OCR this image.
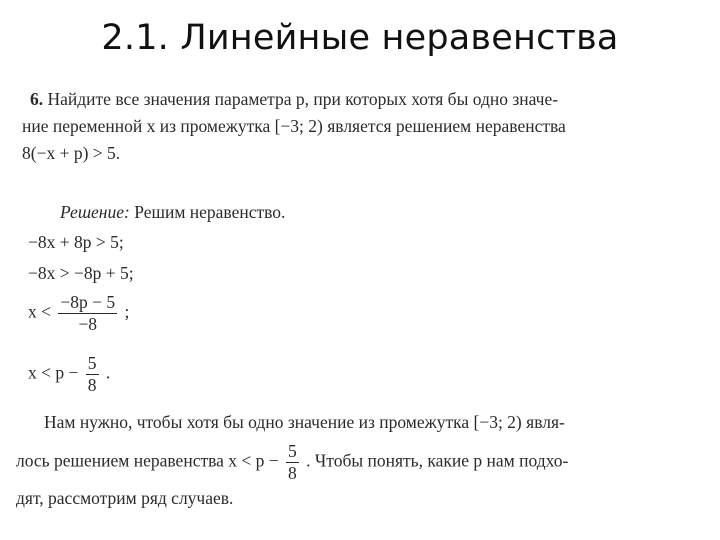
2.1. Линейные неравенства
6. Найдите все значения параметра p, при которых хотя бы одно значе-
ние переменной x из промежутка [−3; 2) является решением неравенства
8(−x + p) > 5.
Решение: Решим неравенство.
−8x + 8p > 5;
−8x > −8p + 5;
$x < \frac{-8p - 5}{-8}$ ;
$x < p - \frac{5}{8}$ .
Нам нужно, чтобы хотя бы одно значение из промежутка [−3; 2) явля-
лось решением неравенства $x < p - \frac{5}{8}$ . Чтобы понять, какие p нам подхо-
дят, рассмотрим ряд случаев.
